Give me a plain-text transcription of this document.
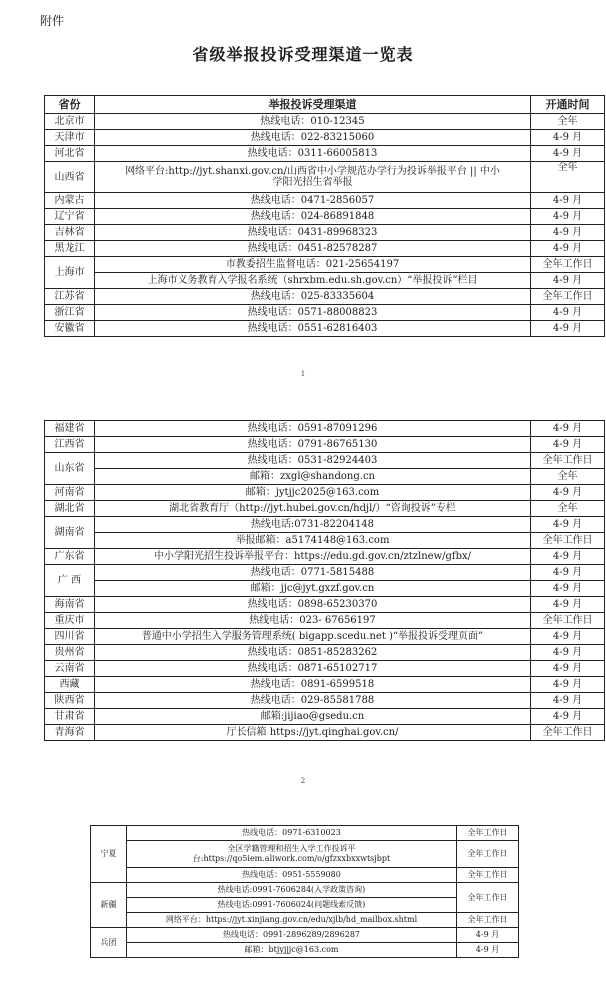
附件
省级举报投诉受理渠道一览表
省份	举报投诉受理渠道	开通时间
北京市	热线电话：010-12345	全年
天津市	热线电话：022-83215060	4-9 月
河北省	热线电话：0311-66005813	4-9 月
山西省	网络平台:http://jyt.shanxi.gov.cn/山西省中小学规范办学行为投诉举报平台 || 中小学阳光招生省举报	全年
内蒙古	热线电话：0471-2856057	4-9 月
辽宁省	热线电话：024-86891848	4-9 月
吉林省	热线电话：0431-89968323	4-9 月
黑龙江	热线电话：0451-82578287	4-9 月
上海市	市教委招生监督电话：021-25654197	全年工作日
	上海市义务教育入学报名系统（shrxbm.edu.sh.gov.cn）“举报投诉”栏目	4-9 月
江苏省	热线电话：025-83335604	全年工作日
浙江省	热线电话：0571-88008823	4-9 月
安徽省	热线电话：0551-62816403	4-9 月
1
福建省	热线电话：0591-87091296	4-9 月
江西省	热线电话：0791-86765130	4-9 月
山东省	热线电话：0531-82924403	全年工作日
	邮箱：zxgl@shandong.cn	全年
河南省	邮箱：jytjjc2025@163.com	4-9 月
湖北省	湖北省教育厅（http://jyt.hubei.gov.cn/hdjl/）“咨询投诉”专栏	全年
湖南省	热线电话:0731-82204148	4-9 月
	举报邮箱：a5174148@163.com	全年工作日
广东省	中小学阳光招生投诉举报平台：https://edu.gd.gov.cn/ztzlnew/gfbx/	4-9 月
广 西	热线电话：0771-5815488	4-9 月
	邮箱：jjc@jyt.gxzf.gov.cn	4-9 月
海南省	热线电话：0898-65230370	4-9 月
重庆市	热线电话：023- 67656197	全年工作日
四川省	普通中小学招生入学服务管理系统( bigapp.scedu.net )“举报投诉受理页面”	4-9 月
贵州省	热线电话：0851-85283262	4-9 月
云南省	热线电话：0871-65102717	4-9 月
西藏	热线电话：0891-6599518	4-9 月
陕西省	热线电话：029-85581788	4-9 月
甘肃省	邮箱:jijiao@gsedu.cn	4-9 月
青海省	厅长信箱 https://jyt.qinghai.gov.cn/	全年工作日
2
宁夏	热线电话：0971-6310023	全年工作日
	全区学籍管理和招生入学工作投诉平台:https://qo5iem.aliwork.com/o/gfzxxbxxwtsjbpt	全年工作日
	热线电话：0951-5559080	全年工作日
新疆	热线电话:0991-7606284(入学政策咨询)	全年工作日
	热线电话:0991-7606024(问题线索反馈)	
	网络平台：https://jyt.xinjiang.gov.cn/edu/xjlb/hd_mailbox.shtml	全年工作日
兵团	热线电话：0991-2896289/2896287	4-9 月
	邮箱：btjyjjjc@163.com	4-9 月
